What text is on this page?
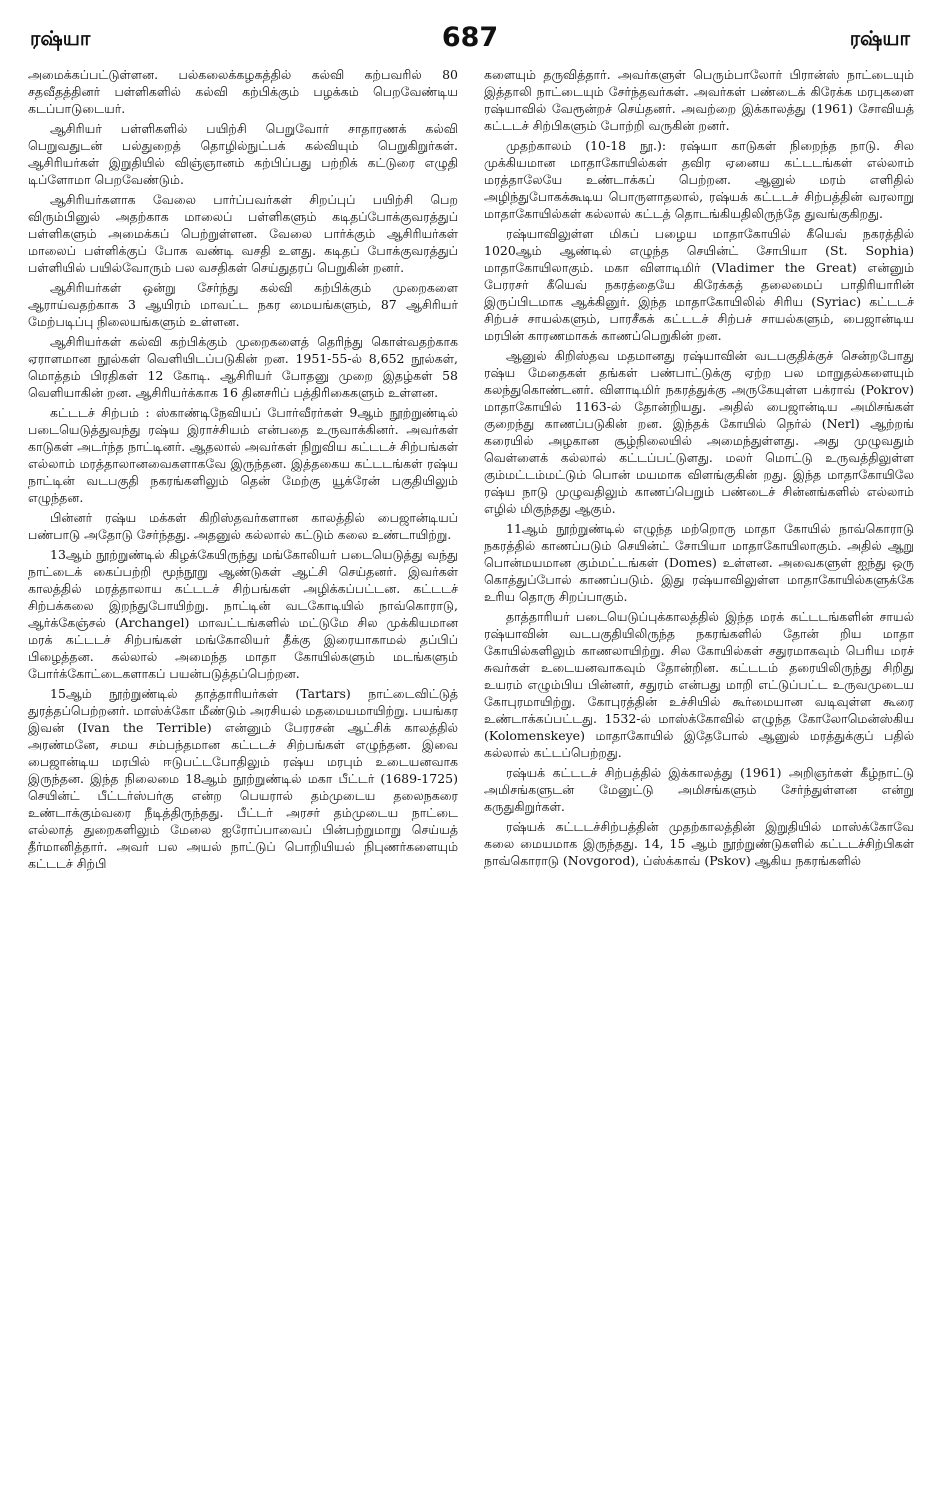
ரஷ்யா	687	ரஷ்யா

அமைக்கப்பட்டுள்ளன. பல்கலைக்கழகத்தில் கல்வி கற்பவரில் 80 சதவீதத்தினர் பள்ளிகளில் கல்வி கற்பிக்கும் பழக்கம் பெறவேண்டிய கடப்பாடுடையர்.

ஆசிரியர் பள்ளிகளில் பயிற்சி பெறுவோர் சாதாரணக் கல்வி பெறுவதுடன் பல்துறைத் தொழில்நுட்பக் கல்வியும் பெறுகிறுர்கள். ஆசிரியர்கள் இறுதியில் விஞ்ஞானம் கற்பிப்பது பற்றிக் கட்டுரை எழுதி டிப்ளோமா பெறவேண்டும்.

ஆசிரியர்களாக வேலை பார்ப்பவர்கள் சிறப்புப் பயிற்சி பெற விரும்பினுல் அதற்காக மாலைப் பள்ளிகளும் கடிதப்போக்குவரத்துப் பள்ளிகளும் அமைக்கப் பெற்றுள்ளன. வேலை பார்க்கும் ஆசிரியர்கள் மாலைப் பள்ளிக்குப் போக வண்டி வசதி உளது. கடிதப் போக்குவரத்துப் பள்ளியில் பயில்வோரும் பல வசதிகள் செய்துதரப் பெறுகின் றனர்.

ஆசிரியர்கள் ஒன்று சேர்ந்து கல்வி கற்பிக்கும் முறைகளை ஆராய்வதற்காக 3 ஆயிரம் மாவட்ட நகர மையங்களும், 87 ஆசிரியர் மேற்படிப்பு நிலையங்களும் உள்ளன.

ஆசிரியர்கள் கல்வி கற்பிக்கும் முறைகளைத் தெரிந்து கொள்வதற்காக ஏராளமான நூல்கள் வெளியிடப்படுகின் றன. 1951-55-ல் 8,652 நூல்கள், மொத்தம் பிரதிகள் 12 கோடி. ஆசிரியர் போதனு முறை இதழ்கள் 58 வெளியாகின் றன. ஆசிரியர்க்காக 16 தினசரிப் பத்திரிகைகளும் உள்ளன.

கட்டடச் சிற்பம் : ஸ்காண்டிநேவியப் போர்வீரர்கள் 9ஆம் நூற்றுண்டில் படையெடுத்துவந்து ரஷ்ய இராச்சியம் என்பதை உருவாக்கினர். அவர்கள் காடுகள் அடர்ந்த நாட்டினர். ஆதலால் அவர்கள் நிறுவிய கட்டடச் சிற்பங்கள் எல்லாம் மரத்தாலானவைகளாகவே இருந்தன. இத்தகைய கட்டடங்கள் ரஷ்ய நாட்டின் வடபகுதி நகரங்களிலும் தென் மேற்கு யூக்ரேன் பகுதியிலும் எழுந்தன.

பின்னர் ரஷ்ய மக்கள் கிறிஸ்தவர்களான காலத்தில் பைஜான்டியப் பண்பாடு அதோடு சேர்ந்தது. அதனுல் கல்லால் கட்டும் கலை உண்டாயிற்று.

13ஆம் நூற்றுண்டில் கிழக்கேயிருந்து மங்கோலியர் படையெடுத்து வந்து நாட்டைக் கைப்பற்றி மூந்நூறு ஆண்டுகள் ஆட்சி செய்தனர். இவர்கள் காலத்தில் மரத்தாலாய கட்டடச் சிற்பங்கள் அழிக்கப்பட்டன. கட்டடச் சிற்பக்கலை இறந்துபோயிற்று. நாட்டின் வடகோடியில் நாவ்கொராடு, ஆர்க்கேஞ்சல் (Archangel) மாவட்டங்களில் மட்டுமே சில முக்கியமான மரக் கட்டடச் சிற்பங்கள் மங்கோலியர் தீக்கு இரையாகாமல் தப்பிப் பிழைத்தன. கல்லால் அமைந்த மாதா கோயில்களும் மடங்களும் போர்க்கோட்டைகளாகப் பயன்படுத்தப்பெற்றன.

15ஆம் நூற்றுண்டில் தாத்தாரியர்கள் (Tartars) நாட்டைவிட்டுத் துரத்தப்பெற்றனர். மாஸ்க்கோ மீண்டும் அரசியல் மதமையமாயிற்று. பயங்கர இவன் (Ivan the Terrible) என்னும் பேரரசன் ஆட்சிக் காலத்தில் அரண்மனே, சமய சம்பந்தமான கட்டடச் சிற்பங்கள் எழுந்தன. இவை பைஜான்டிய மரபில் ஈடுபட்டபோதிலும் ரஷ்ய மரபும் உடையனவாக இருந்தன. இந்த நிலைமை 18ஆம் நூற்றுண்டில் மகா பீட்டர் (1689-1725) செயின்ட் பீட்டர்ஸ்பர்கு என்ற பெயரால் தம்முடைய தலைநகரை உண்டாக்கும்வரை நீடித்திருந்தது. பீட்டர் அரசர் தம்முடைய நாட்டை எல்லாத் துறைகளிலும் மேலை ஐரோப்பாவைப் பின்பற்றுமாறு செய்யத் தீர்மானித்தார். அவர் பல அயல் நாட்டுப் பொறியியல் நிபுணர்களையும் கட்டடச் சிற்பி

களையும் தருவித்தார். அவர்களுள் பெரும்பாலோர் பிரான்ஸ் நாட்டையும் இத்தாலி நாட்டையும் சேர்ந்தவர்கள். அவர்கள் பண்டைக் கிரேக்க மரபுகளை ரஷ்யாவில் வேரூன்றச் செய்தனர். அவற்றை இக்காலத்து (1961) சோவியத் கட்டடச் சிற்பிகளும் போற்றி வருகின் றனர்.

முதற்காலம் (10-18 நூ.): ரஷ்யா காடுகள் நிறைந்த நாடு. சில முக்கியமான மாதாகோயில்கள் தவிர ஏனைய கட்டடங்கள் எல்லாம் மரத்தாலேயே உண்டாக்கப் பெற்றன. ஆனுல் மரம் எளிதில் அழிந்துபோகக்கூடிய பொருளாதலால், ரஷ்யக் கட்டடச் சிற்பத்தின் வரலாறு மாதாகோயில்கள் கல்லால் கட்டத் தொடங்கியதிலிருந்தே துவங்குகிறது.

ரஷ்யாவிலுள்ள மிகப் பழைய மாதாகோயில் கீயெவ் நகரத்தில் 1020ஆம் ஆண்டில் எழுந்த செயின்ட் சோபியா (St. Sophia) மாதாகோயிலாகும். மகா விளாடிமிர் (Vladimer the Great) என்னும் பேரரசர் கீயெவ் நகரத்தையே கிரேக்கத் தலைமைப் பாதிரியாரின் இருப்பிடமாக ஆக்கினுர். இந்த மாதாகோயிலில் சிரிய (Syriac) கட்டடச் சிற்பச் சாயல்களும், பாரசீகக் கட்டடச் சிற்பச் சாயல்களும், பைஜான்டிய மரபின் காரணமாகக் காணப்பெறுகின் றன.

ஆனுல் கிறிஸ்தவ மதமானது ரஷ்யாவின் வடபகுதிக்குச் சென்றபோது ரஷ்ய மேதைகள் தங்கள் பண்பாட்டுக்கு ஏற்ற பல மாறுதல்களையும் கலந்துகொண்டனர். விளாடிமிர் நகரத்துக்கு அருகேயுள்ள பக்ராவ் (Pokrov) மாதாகோயில் 1163-ல் தோன்றியது. அதில் பைஜான்டிய அமிசங்கள் குறைந்து காணப்படுகின் றன. இந்தக் கோயில் நெர்ல் (Nerl) ஆற்றங் கரையில் அழகான சூழ்நிலையில் அமைந்துள்ளது. அது முழுவதும் வெள்ளைக் கல்லால் கட்டப்பட்டுளது. மலர் மொட்டு உருவத்திலுள்ள கும்மட்டம்மட்டும் பொன் மயமாக விளங்குகின் றது. இந்த மாதாகோயிலே ரஷ்ய நாடு முழுவதிலும் காணப்பெறும் பண்டைச் சின்னங்களில் எல்லாம் எழில் மிகுந்தது ஆகும்.

11ஆம் நூற்றுண்டில் எழுந்த மற்றொரு மாதா கோயில் நாவ்கொராடு நகரத்தில் காணப்படும் செயின்ட் சோபியா மாதாகோயிலாகும். அதில் ஆறு பொன்மயமான கும்மட்டங்கள் (Domes) உள்ளன. அவைகளுள் ஐந்து ஒரு கொத்துப்போல் காணப்படும். இது ரஷ்யாவிலுள்ள மாதாகோயில்களுக்கே உரிய தொரு சிறப்பாகும்.

தாத்தாரியர் படையெடுப்புக்காலத்தில் இந்த மரக் கட்டடங்களின் சாயல் ரஷ்யாவின் வடபகுதியிலிருந்த நகரங்களில் தோன் றிய மாதா கோயில்களிலும் காணலாயிற்று. சில கோயில்கள் சதுரமாகவும் பெரிய மரச் சுவர்கள் உடையனவாகவும் தோன்றின. கட்டடம் தரையிலிருந்து சிறிது உயரம் எழும்பிய பின்னர், சதுரம் என்பது மாறி எட்டுப்பட்ட உருவமுடைய கோபுரமாயிற்று. கோபுரத்தின் உச்சியில் கூர்மையான வடிவுள்ள கூரை உண்டாக்கப்பட்டது. 1532-ல் மாஸ்க்கோவில் எழுந்த கோலோமென்ஸ்கிய (Kolomenskeye) மாதாகோயில் இதேபோல் ஆனுல் மரத்துக்குப் பதில் கல்லால் கட்டப்பெற்றது.

ரஷ்யக் கட்டடச் சிற்பத்தில் இக்காலத்து (1961) அறிஞர்கள் கீழ்நாட்டு அமிசங்களுடன் மேனுட்டு அமிசங்களும் சேர்ந்துள்ளன என்று கருதுகிறுர்கள்.

ரஷ்யக் கட்டடச்சிற்பத்தின் முதற்காலத்தின் இறுதியில் மாஸ்க்கோவே கலை மையமாக இருந்தது. 14, 15 ஆம் நூற்றுண்டுகளில் கட்டடச்சிற்பிகள் நாவ்கொராடு (Novgorod), ப்ஸ்க்காவ் (Pskov) ஆகிய நகரங்களில்
